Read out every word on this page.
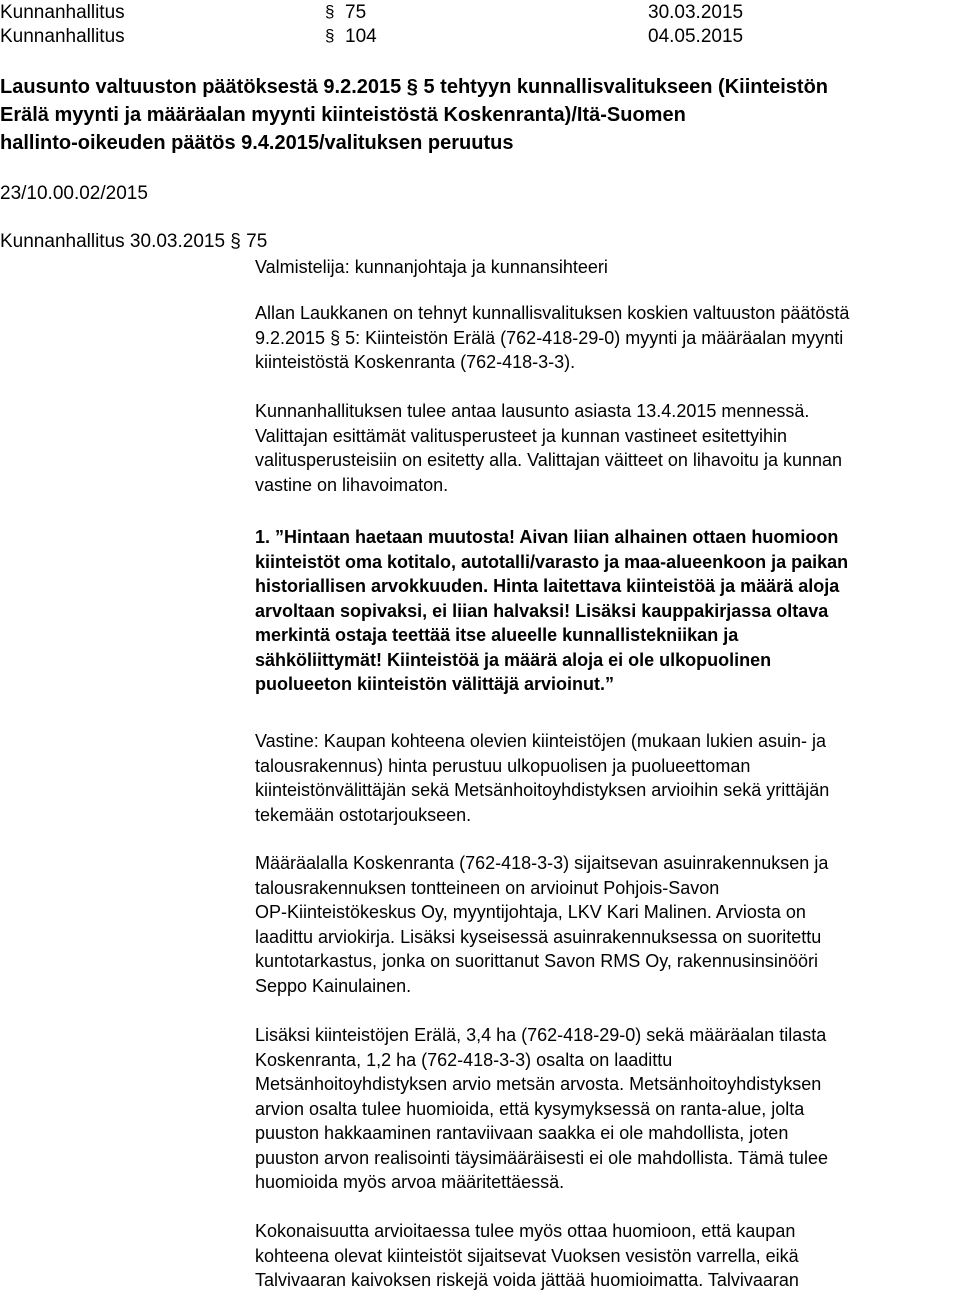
Kunnanhallitus	§ 75	30.03.2015
Kunnanhallitus	§ 104	04.05.2015
Lausunto valtuuston päätöksestä 9.2.2015 § 5 tehtyyn kunnallisvalitukseen (Kiinteistön
Erälä myynti ja määräalan myynti kiinteistöstä Koskenranta)/Itä-Suomen
hallinto-oikeuden päätös 9.4.2015/valituksen peruutus
23/10.00.02/2015
Kunnanhallitus 30.03.2015 § 75
Valmistelija: kunnanjohtaja ja kunnansihteeri
Allan Laukkanen on tehnyt kunnallisvalituksen koskien valtuuston päätöstä
9.2.2015 § 5: Kiinteistön Erälä (762-418-29-0) myynti ja määräalan myynti
kiinteistöstä Koskenranta (762-418-3-3).
Kunnanhallituksen tulee antaa lausunto asiasta 13.4.2015 mennessä.
Valittajan esittämät valitusperusteet ja kunnan vastineet esitettyihin
valitusperusteisiin on esitetty alla. Valittajan väitteet on lihavoitu ja kunnan
vastine on lihavoimaton.
1. ”Hintaan haetaan muutosta! Aivan liian alhainen ottaen huomioon
kiinteistöt oma kotitalo, autotalli/varasto ja maa-alueenkoon ja paikan
historiallisen arvokkuuden. Hinta laitettava kiinteistöä ja määrä aloja
arvoltaan sopivaksi, ei liian halvaksi! Lisäksi kauppakirjassa oltava
merkintä ostaja teettää itse alueelle kunnallistekniikan ja
sähköliittymät! Kiinteistöä ja määrä aloja ei ole ulkopuolinen
puolueeton kiinteistön välittäjä arvioinut.”
Vastine: Kaupan kohteena olevien kiinteistöjen (mukaan lukien asuin- ja
talousrakennus) hinta perustuu ulkopuolisen ja puolueettoman
kiinteistönvälittäjän sekä Metsänhoitoyhdistyksen arvioihin sekä yrittäjän
tekemään ostotarjoukseen.
Määräalalla Koskenranta (762-418-3-3) sijaitsevan asuinrakennuksen ja
talousrakennuksen tontteineen on arvioinut Pohjois-Savon
OP-Kiinteistökeskus Oy, myyntijohtaja, LKV Kari Malinen. Arviosta on
laadittu arviokirja. Lisäksi kyseisessä asuinrakennuksessa on suoritettu
kuntotarkastus, jonka on suorittanut Savon RMS Oy, rakennusinsinööri
Seppo Kainulainen.
Lisäksi kiinteistöjen Erälä, 3,4 ha (762-418-29-0) sekä määräalan tilasta
Koskenranta, 1,2 ha (762-418-3-3) osalta on laadittu
Metsänhoitoyhdistyksen arvio metsän arvosta. Metsänhoitoyhdistyksen
arvion osalta tulee huomioida, että kysymyksessä on ranta-alue, jolta
puuston hakkaaminen rantaviivaan saakka ei ole mahdollista, joten
puuston arvon realisointi täysimääräisesti ei ole mahdollista. Tämä tulee
huomioida myös arvoa määritettäessä.
Kokonaisuutta arvioitaessa tulee myös ottaa huomioon, että kaupan
kohteena olevat kiinteistöt sijaitsevat Vuoksen vesistön varrella, eikä
Talvivaaran kaivoksen riskejä voida jättää huomioimatta. Talvivaaran
